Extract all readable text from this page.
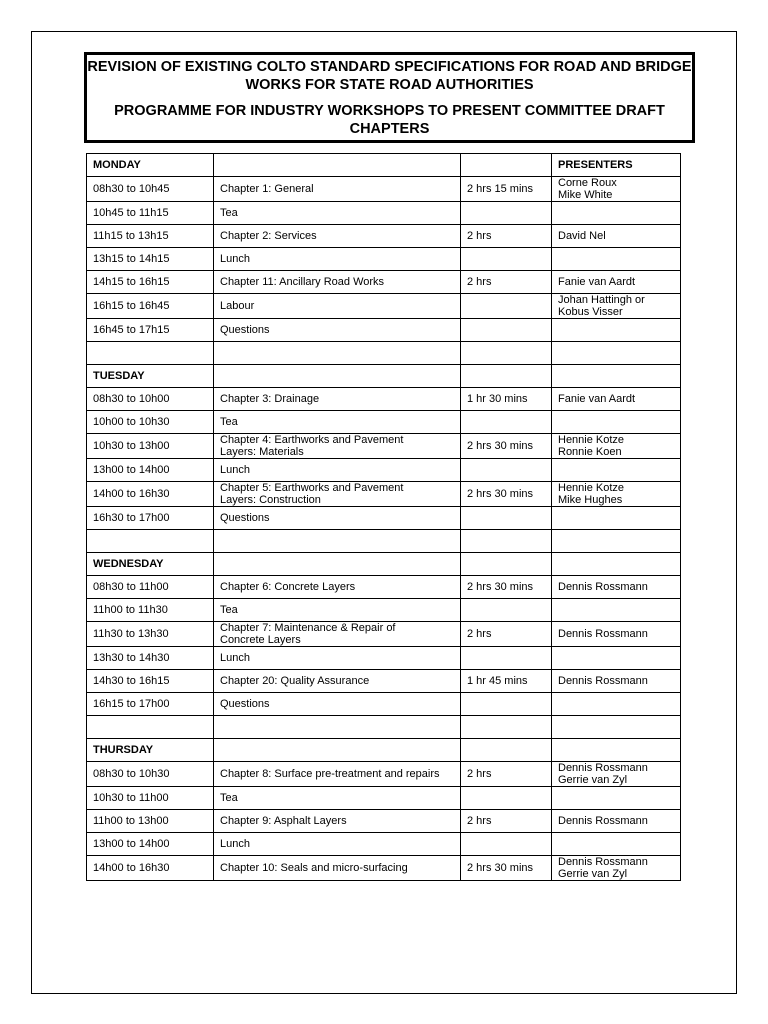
REVISION OF EXISTING COLTO STANDARD SPECIFICATIONS FOR ROAD AND BRIDGE WORKS FOR STATE ROAD AUTHORITIES

PROGRAMME FOR INDUSTRY WORKSHOPS TO PRESENT COMMITTEE DRAFT CHAPTERS

MONDAY			PRESENTERS
08h30 to 10h45	Chapter 1: General	2 hrs 15 mins	Corne Roux
Mike White
10h45 to 11h15	Tea		
11h15 to 13h15	Chapter 2: Services	2 hrs	David Nel
13h15 to 14h15	Lunch		
14h15 to 16h15	Chapter 11: Ancillary Road Works	2 hrs	Fanie van Aardt
16h15 to 16h45	Labour		Johan Hattingh or
Kobus Visser
16h45 to 17h15	Questions		

TUESDAY			
08h30 to 10h00	Chapter 3: Drainage	1 hr 30 mins	Fanie van Aardt
10h00 to 10h30	Tea		
10h30 to 13h00	Chapter 4: Earthworks and Pavement
Layers: Materials	2 hrs 30 mins	Hennie Kotze
Ronnie Koen
13h00 to 14h00	Lunch		
14h00 to 16h30	Chapter 5: Earthworks and Pavement
Layers: Construction	2 hrs 30 mins	Hennie Kotze
Mike Hughes
16h30 to 17h00	Questions		

WEDNESDAY			
08h30 to 11h00	Chapter 6: Concrete Layers	2 hrs 30 mins	Dennis Rossmann
11h00 to 11h30	Tea		
11h30 to 13h30	Chapter 7: Maintenance & Repair of
Concrete Layers	2 hrs	Dennis Rossmann
13h30 to 14h30	Lunch		
14h30 to 16h15	Chapter 20: Quality Assurance	1 hr 45 mins	Dennis Rossmann
16h15 to 17h00	Questions		

THURSDAY			
08h30 to 10h30	Chapter 8: Surface pre-treatment and repairs	2 hrs	Dennis Rossmann
Gerrie van Zyl
10h30 to 11h00	Tea		
11h00 to 13h00	Chapter 9: Asphalt Layers	2 hrs	Dennis Rossmann
13h00 to 14h00	Lunch		
14h00 to 16h30	Chapter 10: Seals and micro-surfacing	2 hrs 30 mins	Dennis Rossmann
Gerrie van Zyl
